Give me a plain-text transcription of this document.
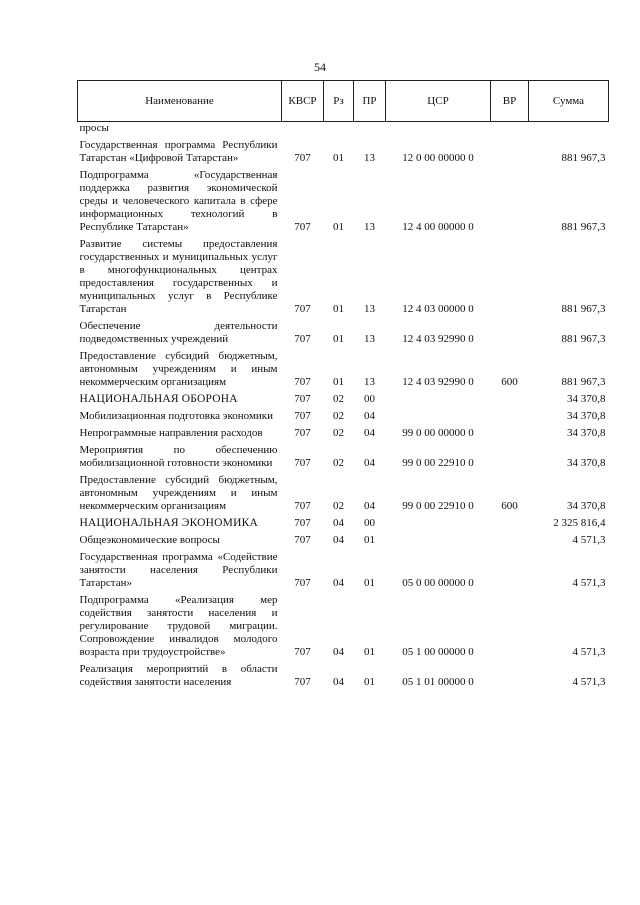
54
Наименование	КВСР	Рз	ПР	ЦСР	ВР	Сумма
просы						
Государственная программа Республики Татарстан «Цифровой Татарстан»	707	01	13	12 0 00 00000 0		881 967,3
Подпрограмма «Государственная поддержка развития экономической среды и человеческого капитала в сфере информационных технологий в Республике Татарстан»	707	01	13	12 4 00 00000 0		881 967,3
Развитие системы предоставления государственных и муниципальных услуг в многофункциональных центрах предоставления государственных и муниципальных услуг в Республике Татарстан	707	01	13	12 4 03 00000 0		881 967,3
Обеспечение деятельности подведомственных учреждений	707	01	13	12 4 03 92990 0		881 967,3
Предоставление субсидий бюджетным, автономным учреждениям и иным некоммерческим организациям	707	01	13	12 4 03 92990 0	600	881 967,3
НАЦИОНАЛЬНАЯ ОБОРОНА	707	02	00			34 370,8
Мобилизационная подготовка экономики	707	02	04			34 370,8
Непрограммные направления расходов	707	02	04	99 0 00 00000 0		34 370,8
Мероприятия по обеспечению мобилизационной готовности экономики	707	02	04	99 0 00 22910 0		34 370,8
Предоставление субсидий бюджетным, автономным учреждениям и иным некоммерческим организациям	707	02	04	99 0 00 22910 0	600	34 370,8
НАЦИОНАЛЬНАЯ ЭКОНОМИКА	707	04	00			2 325 816,4
Общеэкономические вопросы	707	04	01			4 571,3
Государственная программа «Содействие занятости населения Республики Татарстан»	707	04	01	05 0 00 00000 0		4 571,3
Подпрограмма «Реализация мер содействия занятости населения и регулирование трудовой миграции. Сопровождение инвалидов молодого возраста при трудоустройстве»	707	04	01	05 1 00 00000 0		4 571,3
Реализация мероприятий в области содействия занятости населения	707	04	01	05 1 01 00000 0		4 571,3
